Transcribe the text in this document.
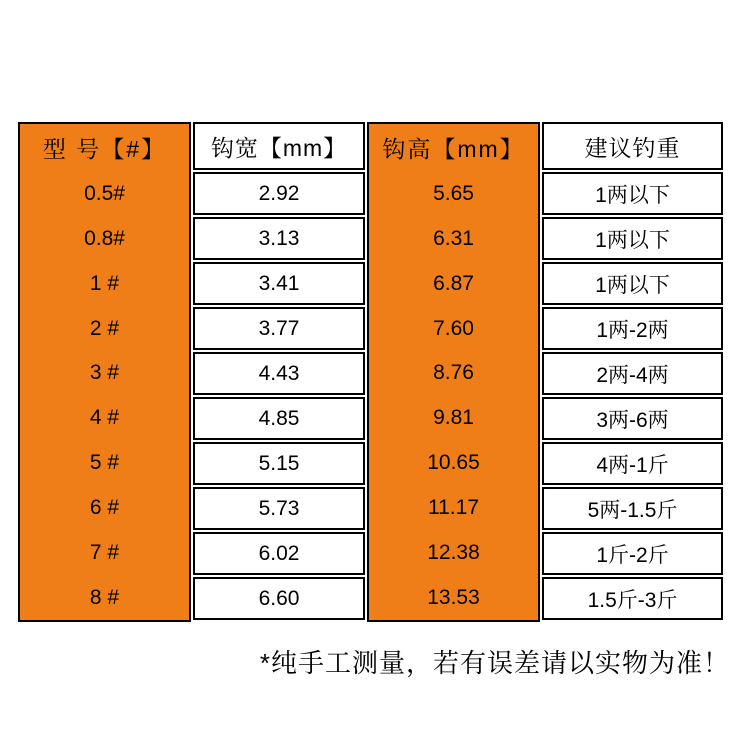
型 号【#】
0.5#
0.8#
1 #
2 #
3 #
4 #
5 #
6 #
7 #
8 #
钩宽【mm】
2.92
3.13
3.41
3.77
4.43
4.85
5.15
5.73
6.02
6.60
钩高【mm】
5.65
6.31
6.87
7.60
8.76
9.81
10.65
11.17
12.38
13.53
建议钓重
1两以下
1两以下
1两以下
1两-2两
2两-4两
3两-6两
4两-1斤
5两-1.5斤
1斤-2斤
1.5斤-3斤
*纯手工测量，若有误差请以实物为准！
